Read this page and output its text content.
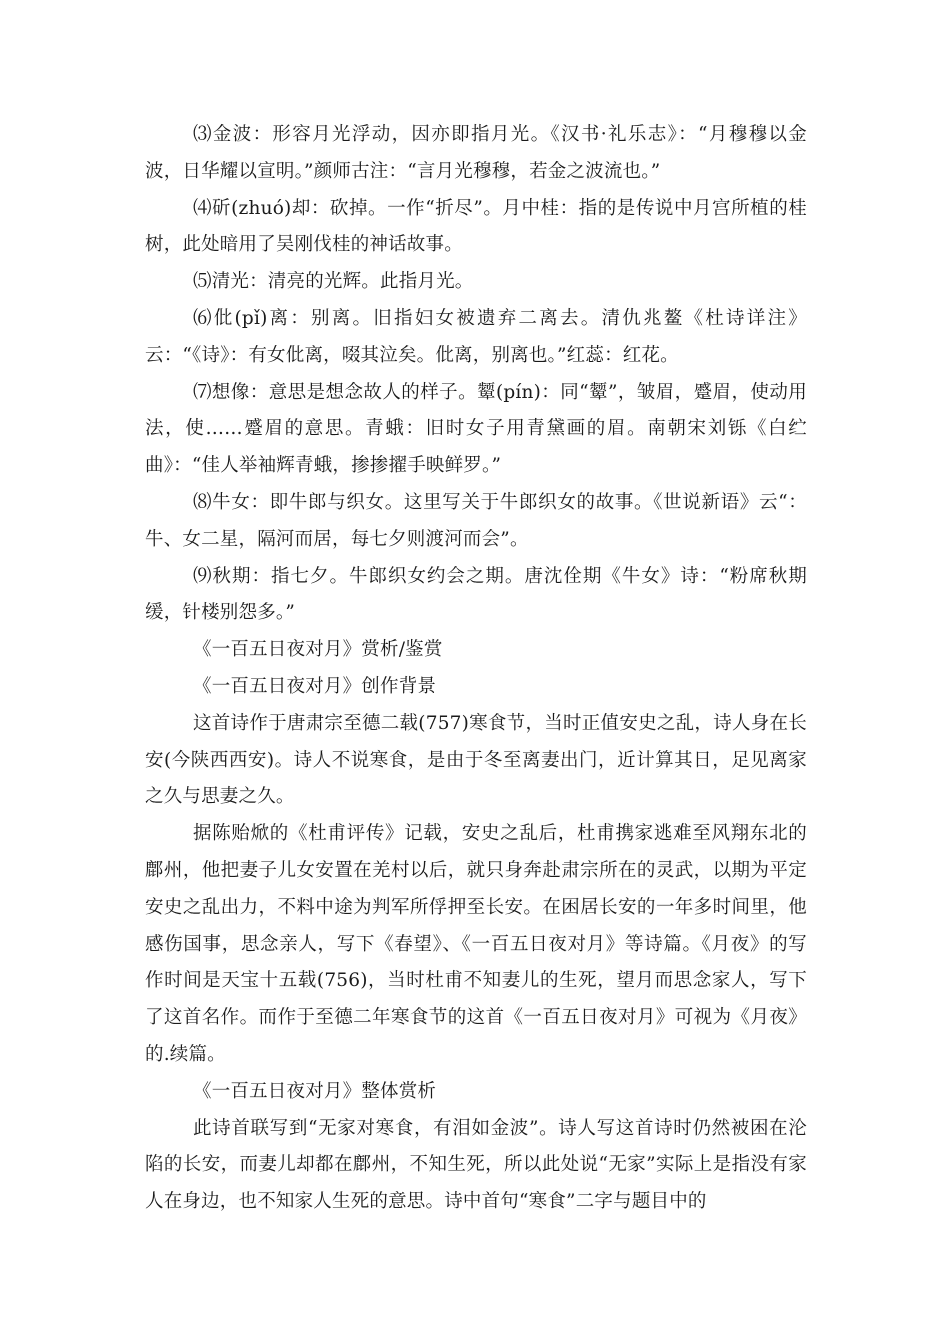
⑶金波：形容月光浮动，因亦即指月光。《汉书·礼乐志》：“月穆穆以金波，日华耀以宣明。”颜师古注：“言月光穆穆，若金之波流也。”

⑷斫(zhuó)却：砍掉。一作“折尽”。月中桂：指的是传说中月宫所植的桂树，此处暗用了吴刚伐桂的神话故事。

⑸清光：清亮的光辉。此指月光。

⑹仳(pǐ)离：别离。旧指妇女被遗弃二离去。清仇兆鳌《杜诗详注》云：“《诗》：有女仳离，啜其泣矣。仳离，别离也。”红蕊：红花。

⑺想像：意思是想念故人的样子。颦(pín)：同“颦”，皱眉，蹙眉，使动用法，使……蹙眉的意思。青蛾：旧时女子用青黛画的眉。南朝宋刘铄《白纻曲》：“佳人举袖辉青蛾，掺掺擢手映鲜罗。”

⑻牛女：即牛郎与织女。这里写关于牛郎织女的故事。《世说新语》云“：牛、女二星，隔河而居，每七夕则渡河而会”。

⑼秋期：指七夕。牛郎织女约会之期。唐沈佺期《牛女》诗：“粉席秋期缓，针楼别怨多。”

《一百五日夜对月》赏析/鉴赏

《一百五日夜对月》创作背景

这首诗作于唐肃宗至德二载(757)寒食节，当时正值安史之乱，诗人身在长安(今陕西西安)。诗人不说寒食，是由于冬至离妻出门，近计算其日，足见离家之久与思妻之久。

据陈贻焮的《杜甫评传》记载，安史之乱后，杜甫携家逃难至风翔东北的鄜州，他把妻子儿女安置在羌村以后，就只身奔赴肃宗所在的灵武，以期为平定安史之乱出力，不料中途为判军所俘押至长安。在困居长安的一年多时间里，他感伤国事，思念亲人，写下《春望》、《一百五日夜对月》等诗篇。《月夜》的写作时间是天宝十五载(756)，当时杜甫不知妻儿的生死，望月而思念家人，写下了这首名作。而作于至德二年寒食节的这首《一百五日夜对月》可视为《月夜》的.续篇。

《一百五日夜对月》整体赏析

此诗首联写到“无家对寒食，有泪如金波”。诗人写这首诗时仍然被困在沦陷的长安，而妻儿却都在鄜州，不知生死，所以此处说“无家”实际上是指没有家人在身边，也不知家人生死的意思。诗中首句“寒食”二字与题目中的
